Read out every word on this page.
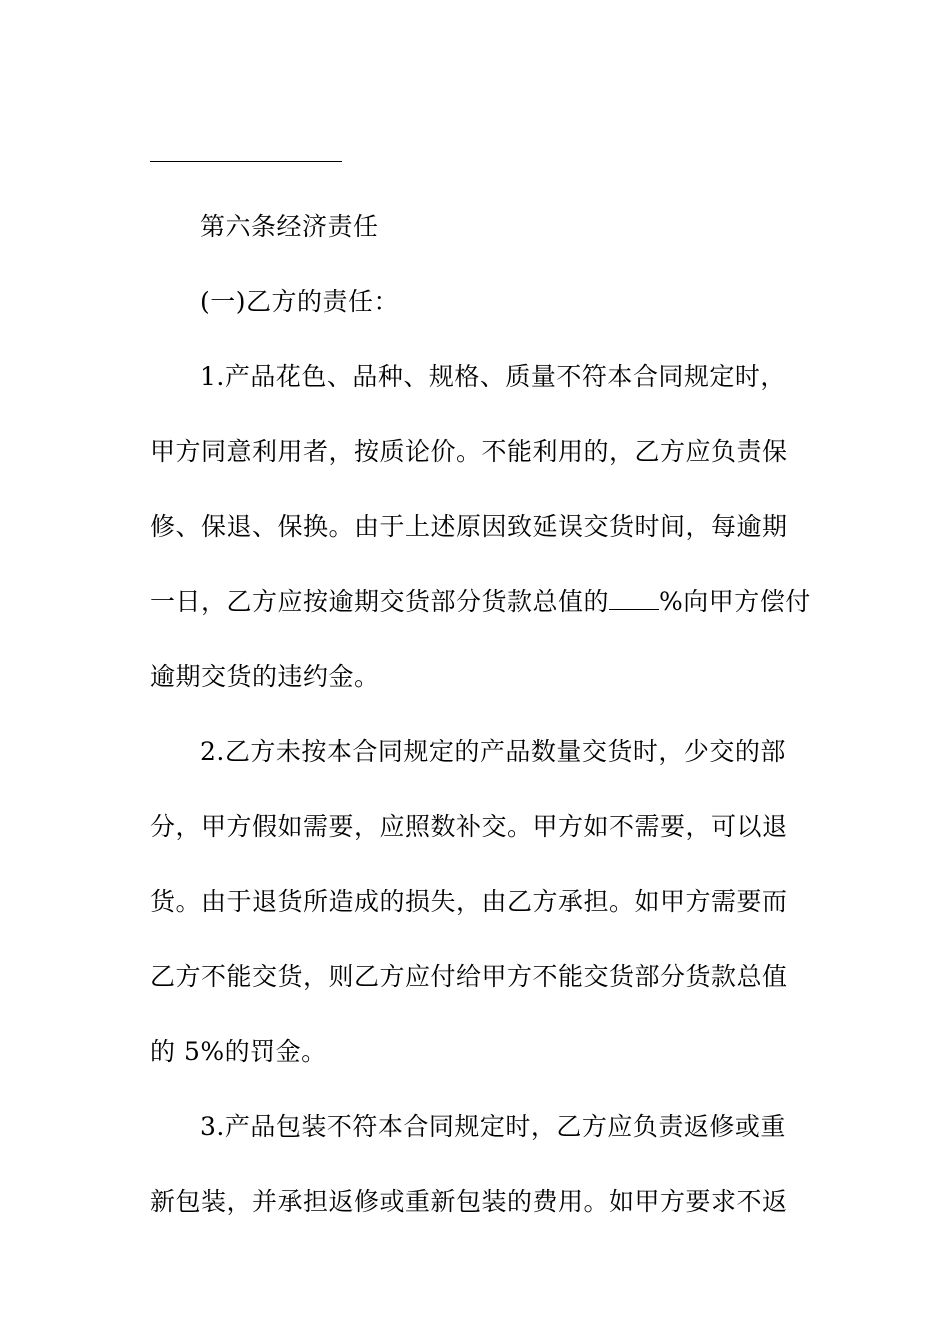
第六条经济责任
(一)乙方的责任：
1.产品花色、品种、规格、质量不符本合同规定时，
甲方同意利用者，按质论价。不能利用的，乙方应负责保
修、保退、保换。由于上述原因致延误交货时间，每逾期
一日，乙方应按逾期交货部分货款总值的 %向甲方偿付
逾期交货的违约金。
2.乙方未按本合同规定的产品数量交货时，少交的部
分，甲方假如需要，应照数补交。甲方如不需要，可以退
货。由于退货所造成的损失，由乙方承担。如甲方需要而
乙方不能交货，则乙方应付给甲方不能交货部分货款总值
的 5%的罚金。
3.产品包装不符本合同规定时，乙方应负责返修或重
新包装，并承担返修或重新包装的费用。如甲方要求不返
